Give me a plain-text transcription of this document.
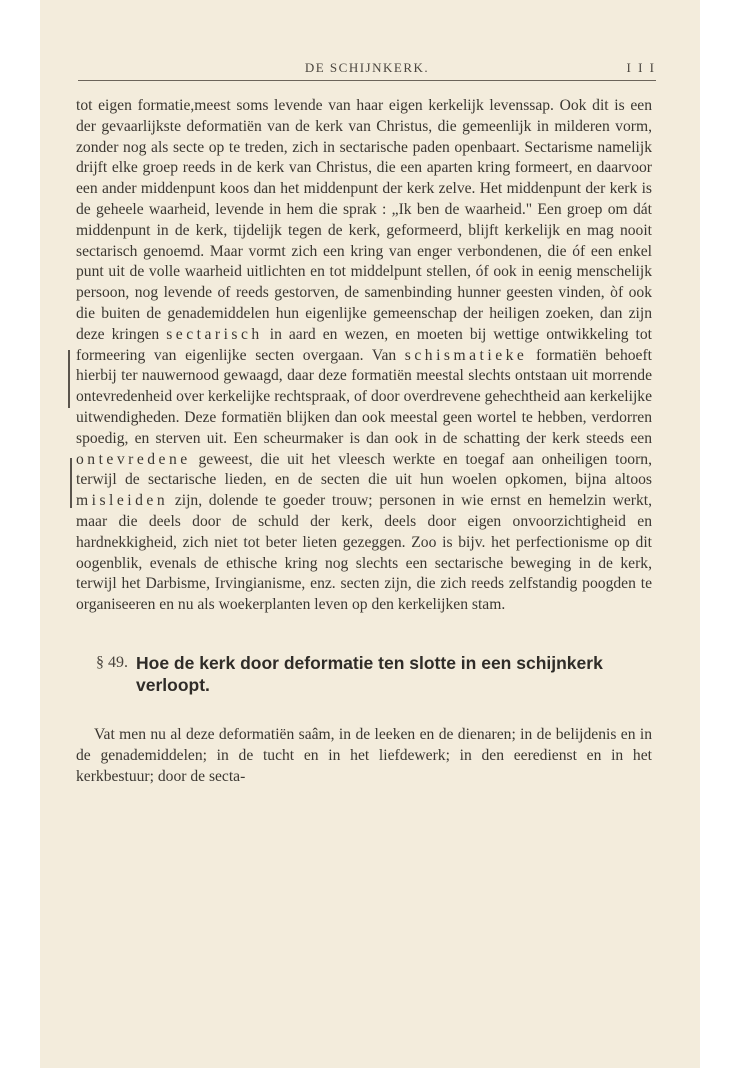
DE SCHIJNKERK.	I I I

tot eigen formatie,meest soms levende van haar eigen kerkelijk levenssap. Ook dit is een der gevaarlijkste deformatiën van de kerk van Christus, die gemeenlijk in milderen vorm, zonder nog als secte op te treden, zich in sectarische paden openbaart. Sectarisme namelijk drijft elke groep reeds in de kerk van Christus, die een aparten kring formeert, en daarvoor een ander middenpunt koos dan het middenpunt der kerk zelve. Het middenpunt der kerk is de geheele waarheid, levende in hem die sprak : „Ik ben de waarheid." Een groep om dát middenpunt in de kerk, tijdelijk tegen de kerk, geformeerd, blijft kerkelijk en mag nooit sectarisch genoemd. Maar vormt zich een kring van enger verbondenen, die óf een enkel punt uit de volle waarheid uitlichten en tot middelpunt stellen, óf ook in eenig menschelijk persoon, nog levende of reeds gestorven, de samenbinding hunner geesten vinden, òf ook die buiten de genademiddelen hun eigenlijke gemeenschap der heiligen zoeken, dan zijn deze kringen sectarisch in aard en wezen, en moeten bij wettige ontwikkeling tot formeering van eigenlijke secten overgaan. Van schismatieke formatiën behoeft hierbij ter nauwernood gewaagd, daar deze formatiën meestal slechts ontstaan uit morrende ontevredenheid over kerkelijke rechtspraak, of door overdrevene gehechtheid aan kerkelijke uitwendigheden. Deze formatiën blijken dan ook meestal geen wortel te hebben, verdorren spoedig, en sterven uit. Een scheurmaker is dan ook in de schatting der kerk steeds een ontevredene geweest, die uit het vleesch werkte en toegaf aan onheiligen toorn, terwijl de sectarische lieden, en de secten die uit hun woelen opkomen, bijna altoos misleiden zijn, dolende te goeder trouw; personen in wie ernst en hemelzin werkt, maar die deels door de schuld der kerk, deels door eigen onvoorzichtigheid en hardnekkigheid, zich niet tot beter lieten gezeggen. Zoo is bijv. het perfectionisme op dit oogenblik, evenals de ethische kring nog slechts een sectarische beweging in de kerk, terwijl het Darbisme, Irvingianisme, enz. secten zijn, die zich reeds zelfstandig poogden te organiseeren en nu als woekerplanten leven op den kerkelijken stam.

§ 49. Hoe de kerk door deformatie ten slotte in een schijnkerk verloopt.

Vat men nu al deze deformatiën saâm, in de leeken en de dienaren; in de belijdenis en in de genademiddelen; in de tucht en in het liefdewerk; in den eeredienst en in het kerkbestuur; door de secta-
